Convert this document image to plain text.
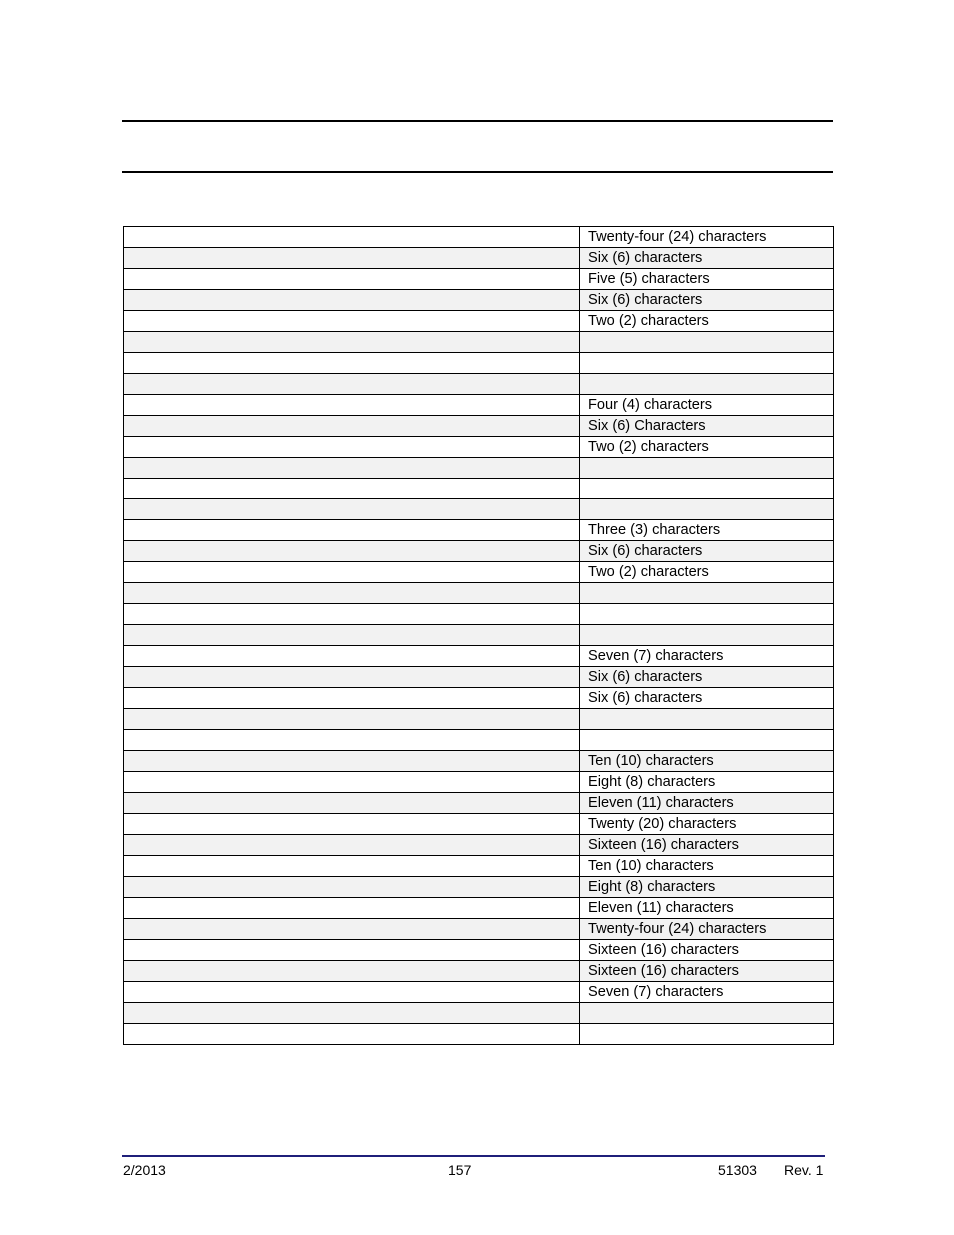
	Twenty-four (24) characters
	Six (6) characters
	Five (5) characters
	Six (6) characters
	Two (2) characters

	Four (4) characters
	Six (6) Characters
	Two (2) characters

	Three (3) characters
	Six (6) characters
	Two (2) characters

	Seven (7) characters
	Six (6) characters
	Six (6) characters

	Ten (10) characters
	Eight (8) characters
	Eleven (11) characters
	Twenty (20) characters
	Sixteen (16) characters
	Ten (10) characters
	Eight (8) characters
	Eleven (11) characters
	Twenty-four (24) characters
	Sixteen (16) characters
	Sixteen (16) characters
	Seven (7) characters

2/2013	157	51303 Rev. 1
